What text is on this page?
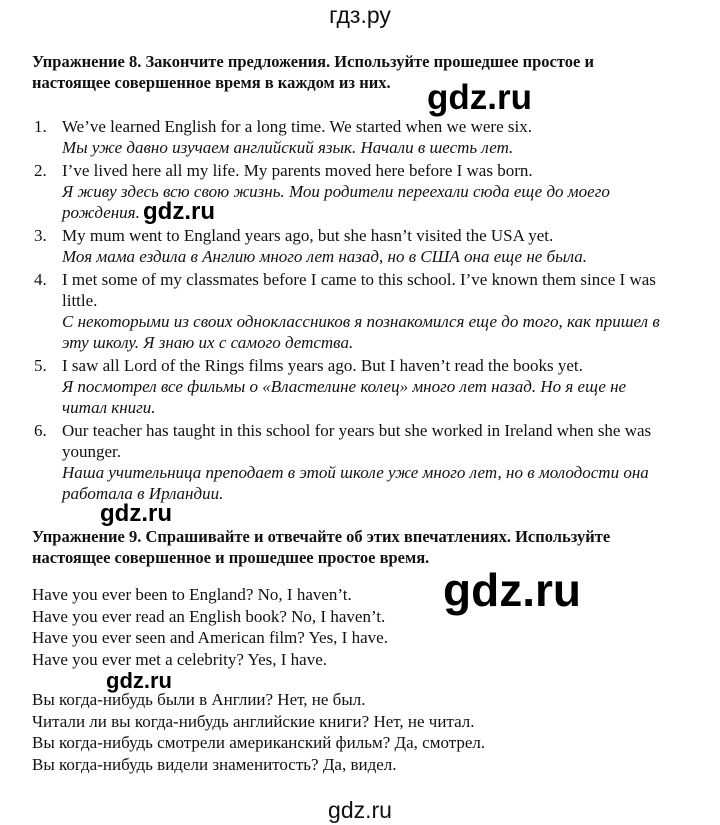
гдз.ру
Упражнение 8. Закончите предложения. Используйте прошедшее простое и настоящее совершенное время в каждом из них.
1. We’ve learned English for a long time. We started when we were six.
Мы уже давно изучаем английский язык. Начали в шесть лет.
2. I’ve lived here all my life. My parents moved here before I was born.
Я живу здесь всю свою жизнь. Мои родители переехали сюда еще до моего рождения.
3. My mum went to England years ago, but she hasn’t visited the USA yet.
Моя мама ездила в Англию много лет назад, но в США она еще не была.
4. I met some of my classmates before I came to this school. I’ve known them since I was little.
С некоторыми из своих одноклассников я познакомился еще до того, как пришел в эту школу. Я знаю их с самого детства.
5. I saw all Lord of the Rings films years ago. But I haven’t read the books yet.
Я посмотрел все фильмы о «Властелине колец» много лет назад. Но я еще не читал книги.
6. Our teacher has taught in this school for years but she worked in Ireland when she was younger.
Наша учительница преподает в этой школе уже много лет, но в молодости она работала в Ирландии.
Упражнение 9. Спрашивайте и отвечайте об этих впечатлениях. Используйте настоящее совершенное и прошедшее простое время.
Have you ever been to England? No, I haven’t.
Have you ever read an English book? No, I haven’t.
Have you ever seen and American film? Yes, I have.
Have you ever met a celebrity? Yes, I have.
Вы когда-нибудь были в Англии? Нет, не был.
Читали ли вы когда-нибудь английские книги? Нет, не читал.
Вы когда-нибудь смотрели американский фильм? Да, смотрел.
Вы когда-нибудь видели знаменитость? Да, видел.
gdz.ru
gdz.ru
gdz.ru
gdz.ru
gdz.ru
gdz.ru
